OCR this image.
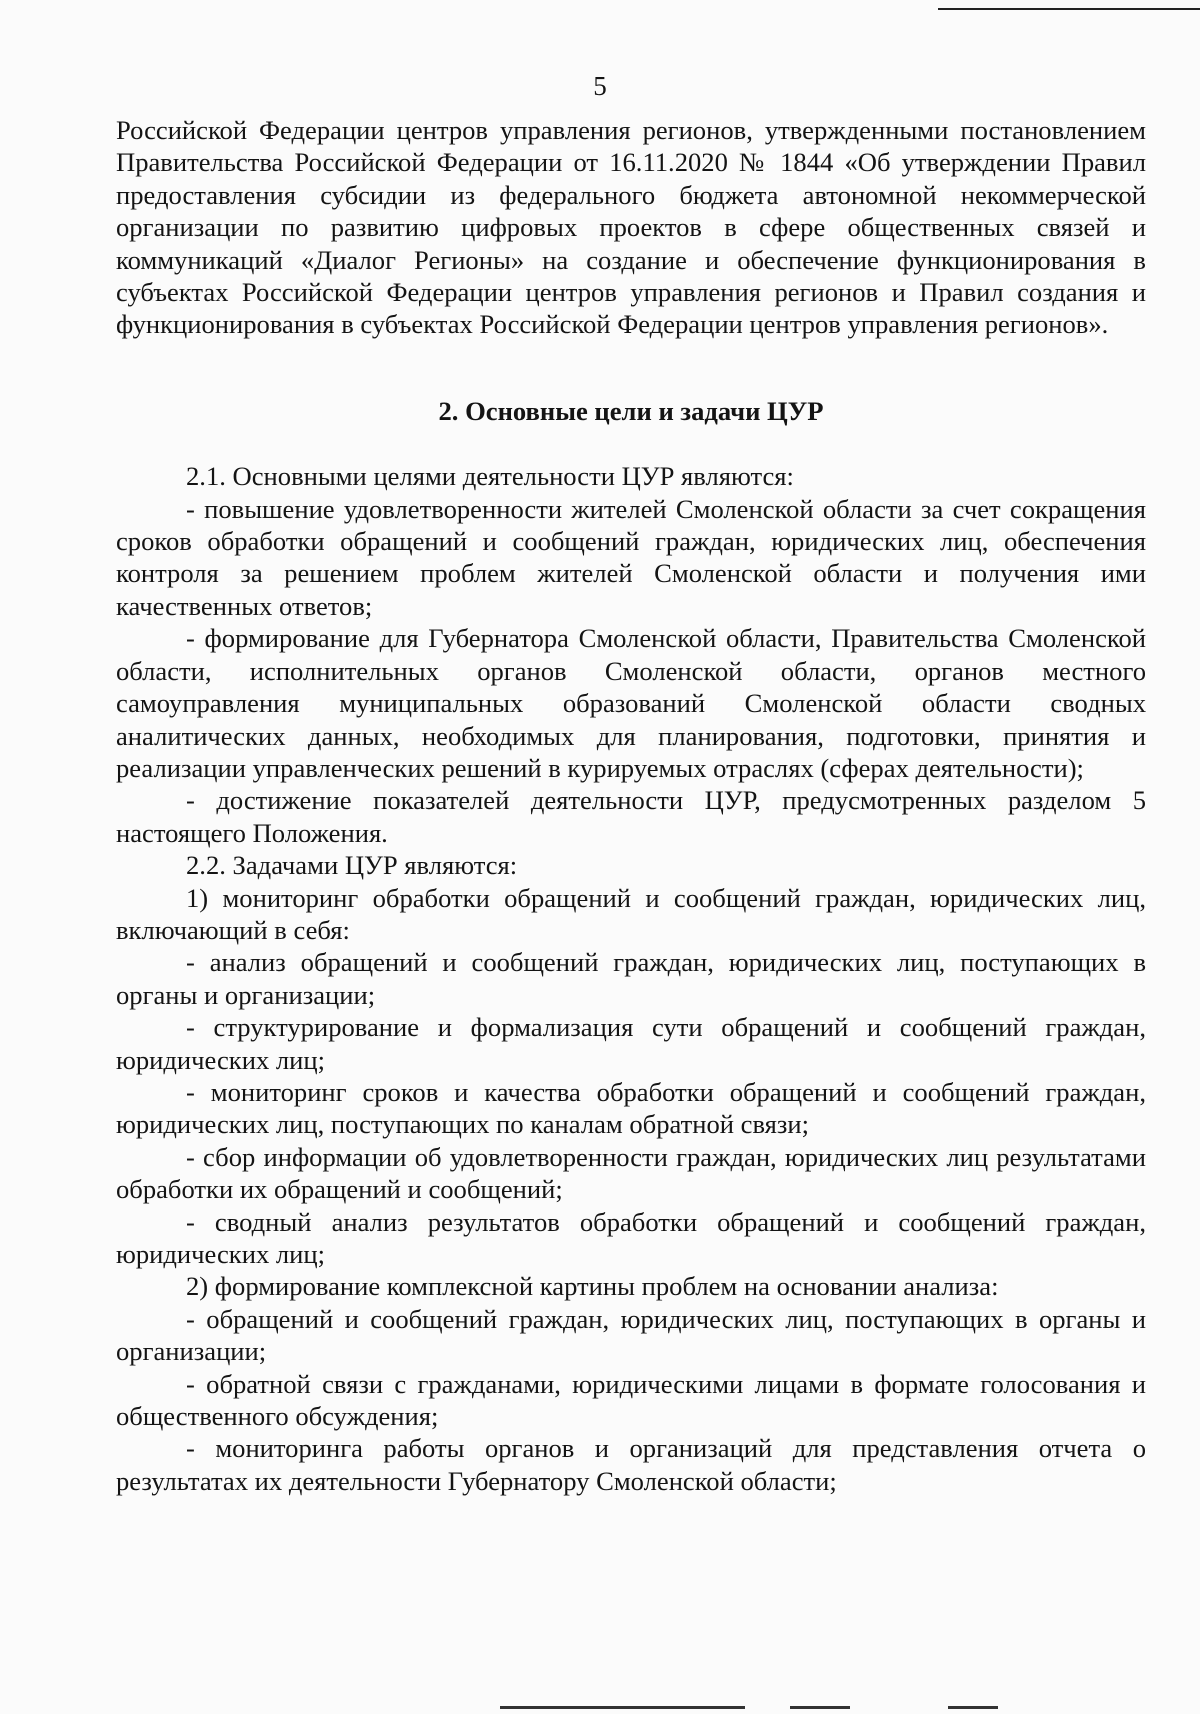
5

Российской Федерации центров управления регионов, утвержденными постановлением Правительства Российской Федерации от 16.11.2020 № 1844 «Об утверждении Правил предоставления субсидии из федерального бюджета автономной некоммерческой организации по развитию цифровых проектов в сфере общественных связей и коммуникаций «Диалог Регионы» на создание и обеспечение функционирования в субъектах Российской Федерации центров управления регионов и Правил создания и функционирования в субъектах Российской Федерации центров управления регионов».

2. Основные цели и задачи ЦУР

2.1. Основными целями деятельности ЦУР являются:

- повышение удовлетворенности жителей Смоленской области за счет сокращения сроков обработки обращений и сообщений граждан, юридических лиц, обеспечения контроля за решением проблем жителей Смоленской области и получения ими качественных ответов;

- формирование для Губернатора Смоленской области, Правительства Смоленской области, исполнительных органов Смоленской области, органов местного самоуправления муниципальных образований Смоленской области сводных аналитических данных, необходимых для планирования, подготовки, принятия и реализации управленческих решений в курируемых отраслях (сферах деятельности);

- достижение показателей деятельности ЦУР, предусмотренных разделом 5 настоящего Положения.

2.2. Задачами ЦУР являются:

1) мониторинг обработки обращений и сообщений граждан, юридических лиц, включающий в себя:

- анализ обращений и сообщений граждан, юридических лиц, поступающих в органы и организации;

- структурирование и формализация сути обращений и сообщений граждан, юридических лиц;

- мониторинг сроков и качества обработки обращений и сообщений граждан, юридических лиц, поступающих по каналам обратной связи;

- сбор информации об удовлетворенности граждан, юридических лиц результатами обработки их обращений и сообщений;

- сводный анализ результатов обработки обращений и сообщений граждан, юридических лиц;

2) формирование комплексной картины проблем на основании анализа:

- обращений и сообщений граждан, юридических лиц, поступающих в органы и организации;

- обратной связи с гражданами, юридическими лицами в формате голосования и общественного обсуждения;

- мониторинга работы органов и организаций для представления отчета о результатах их деятельности Губернатору Смоленской области;
